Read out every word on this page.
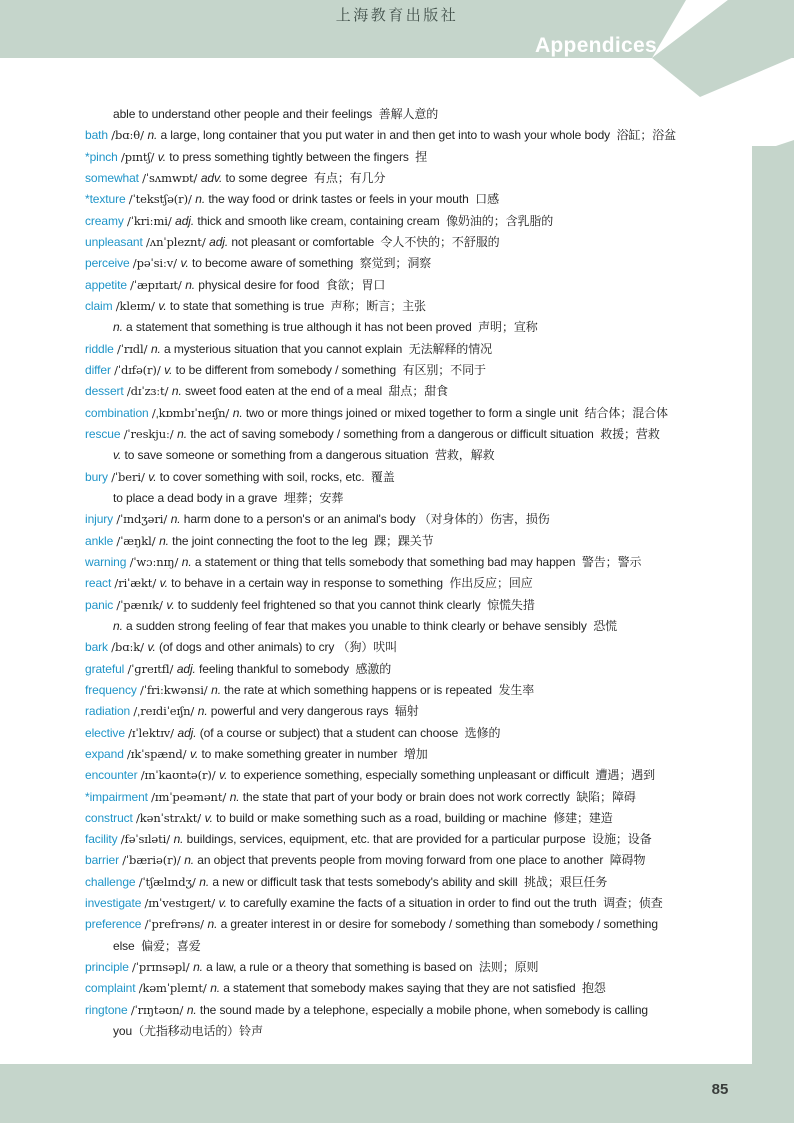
上海教育出版社
Appendices
able to understand other people and their feelings  善解人意的
bath /bɑːθ/ n. a large, long container that you put water in and then get into to wash your whole body  浴缸；浴盆
*pinch /pɪntʃ/ v. to press something tightly between the fingers  捏
somewhat /ˈsʌmwɒt/ adv. to some degree  有点；有几分
*texture /ˈtekstʃə(r)/ n. the way food or drink tastes or feels in your mouth  口感
creamy /ˈkriːmi/ adj. thick and smooth like cream, containing cream  像奶油的；含乳脂的
unpleasant /ʌnˈpleznt/ adj. not pleasant or comfortable  令人不快的；不舒服的
perceive /pəˈsiːv/ v. to become aware of something  察觉到；洞察
appetite /ˈæpɪtaɪt/ n. physical desire for food  食欲；胃口
claim /kleɪm/ v. to state that something is true  声称；断言；主张
n. a statement that something is true although it has not been proved  声明；宣称
riddle /ˈrɪdl/ n. a mysterious situation that you cannot explain  无法解释的情况
differ /ˈdɪfə(r)/ v. to be different from somebody / something  有区别；不同于
dessert /dɪˈzɜːt/ n. sweet food eaten at the end of a meal  甜点；甜食
combination /ˌkɒmbɪˈneɪʃn/ n. two or more things joined or mixed together to form a single unit  结合体；混合体
rescue /ˈreskjuː/ n. the act of saving somebody / something from a dangerous or difficult situation  救援；营救
v. to save someone or something from a dangerous situation  营救，解救
bury /ˈberi/ v. to cover something with soil, rocks, etc.  覆盖
to place a dead body in a grave  埋葬；安葬
injury /ˈɪndʒəri/ n. harm done to a person's or an animal's body （对身体的）伤害，损伤
ankle /ˈæŋkl/ n. the joint connecting the foot to the leg  踝；踝关节
warning /ˈwɔːnɪŋ/ n. a statement or thing that tells somebody that something bad may happen  警告；警示
react /riˈækt/ v. to behave in a certain way in response to something  作出反应；回应
panic /ˈpænɪk/ v. to suddenly feel frightened so that you cannot think clearly  惊慌失措
n. a sudden strong feeling of fear that makes you unable to think clearly or behave sensibly  恐慌
bark /bɑːk/ v. (of dogs and other animals) to cry （狗）吠叫
grateful /ˈɡreɪtfl/ adj. feeling thankful to somebody  感激的
frequency /ˈfriːkwənsi/ n. the rate at which something happens or is repeated  发生率
radiation /ˌreɪdiˈeɪʃn/ n. powerful and very dangerous rays  辐射
elective /ɪˈlektɪv/ adj. (of a course or subject) that a student can choose  选修的
expand /ɪkˈspænd/ v. to make something greater in number  增加
encounter /ɪnˈkaʊntə(r)/ v. to experience something, especially something unpleasant or difficult  遭遇；遇到
*impairment /ɪmˈpeəmənt/ n. the state that part of your body or brain does not work correctly  缺陷；障碍
construct /kənˈstrʌkt/ v. to build or make something such as a road, building or machine  修建；建造
facility /fəˈsɪləti/ n. buildings, services, equipment, etc. that are provided for a particular purpose  设施；设备
barrier /ˈbæriə(r)/ n. an object that prevents people from moving forward from one place to another  障碍物
challenge /ˈtʃælɪndʒ/ n. a new or difficult task that tests somebody's ability and skill  挑战；艰巨任务
investigate /ɪnˈvestɪgeɪt/ v. to carefully examine the facts of a situation in order to find out the truth  调查；侦查
preference /ˈprefrəns/ n. a greater interest in or desire for somebody / something than somebody / something
else  偏爱；喜爱
principle /ˈprɪnsəpl/ n. a law, a rule or a theory that something is based on  法则；原则
complaint /kəmˈpleɪnt/ n. a statement that somebody makes saying that they are not satisfied  抱怨
ringtone /ˈrɪŋtəʊn/ n. the sound made by a telephone, especially a mobile phone, when somebody is calling
you（尤指移动电话的）铃声
85
